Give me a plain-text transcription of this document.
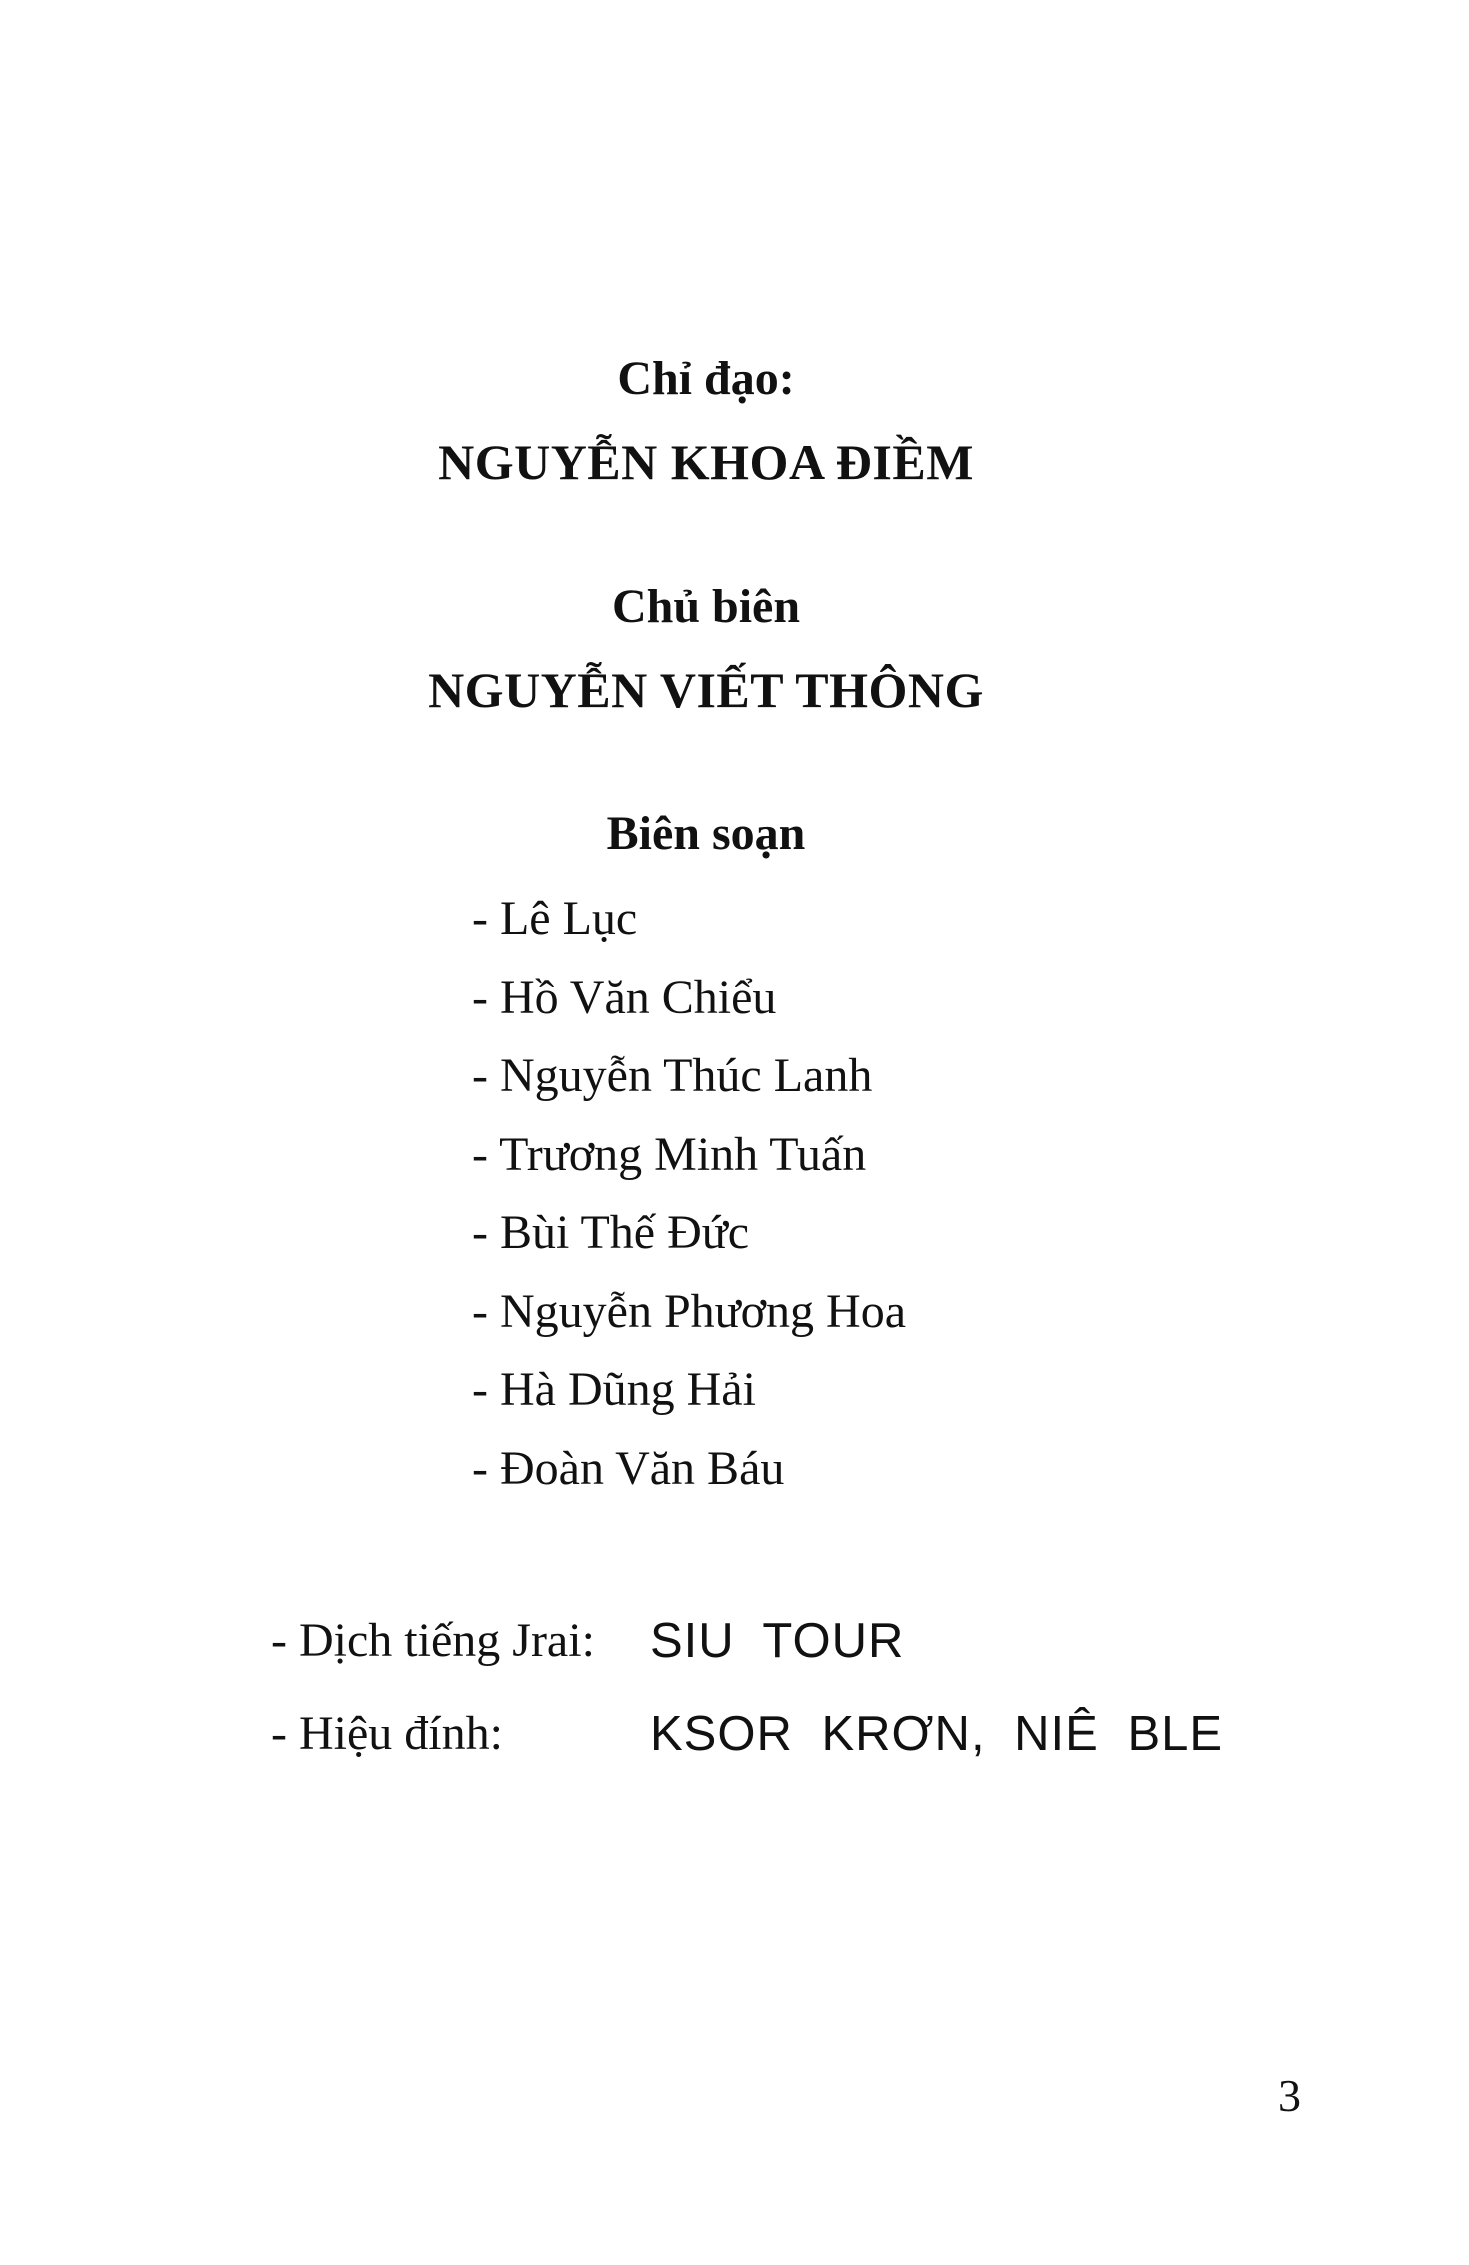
Chỉ đạo:
NGUYỄN KHOA ĐIỀM
Chủ biên
NGUYỄN VIẾT THÔNG
Biên soạn
- Lê Lục
- Hồ Văn Chiểu
- Nguyễn Thúc Lanh
- Trương Minh Tuấn
- Bùi Thế Đức
- Nguyễn Phương Hoa
- Hà Dũng Hải
- Đoàn Văn Báu
- Dịch tiếng Jrai: SIU TOUR
- Hiệu đính:	KSOR KRƠN, NIÊ BLE
3
